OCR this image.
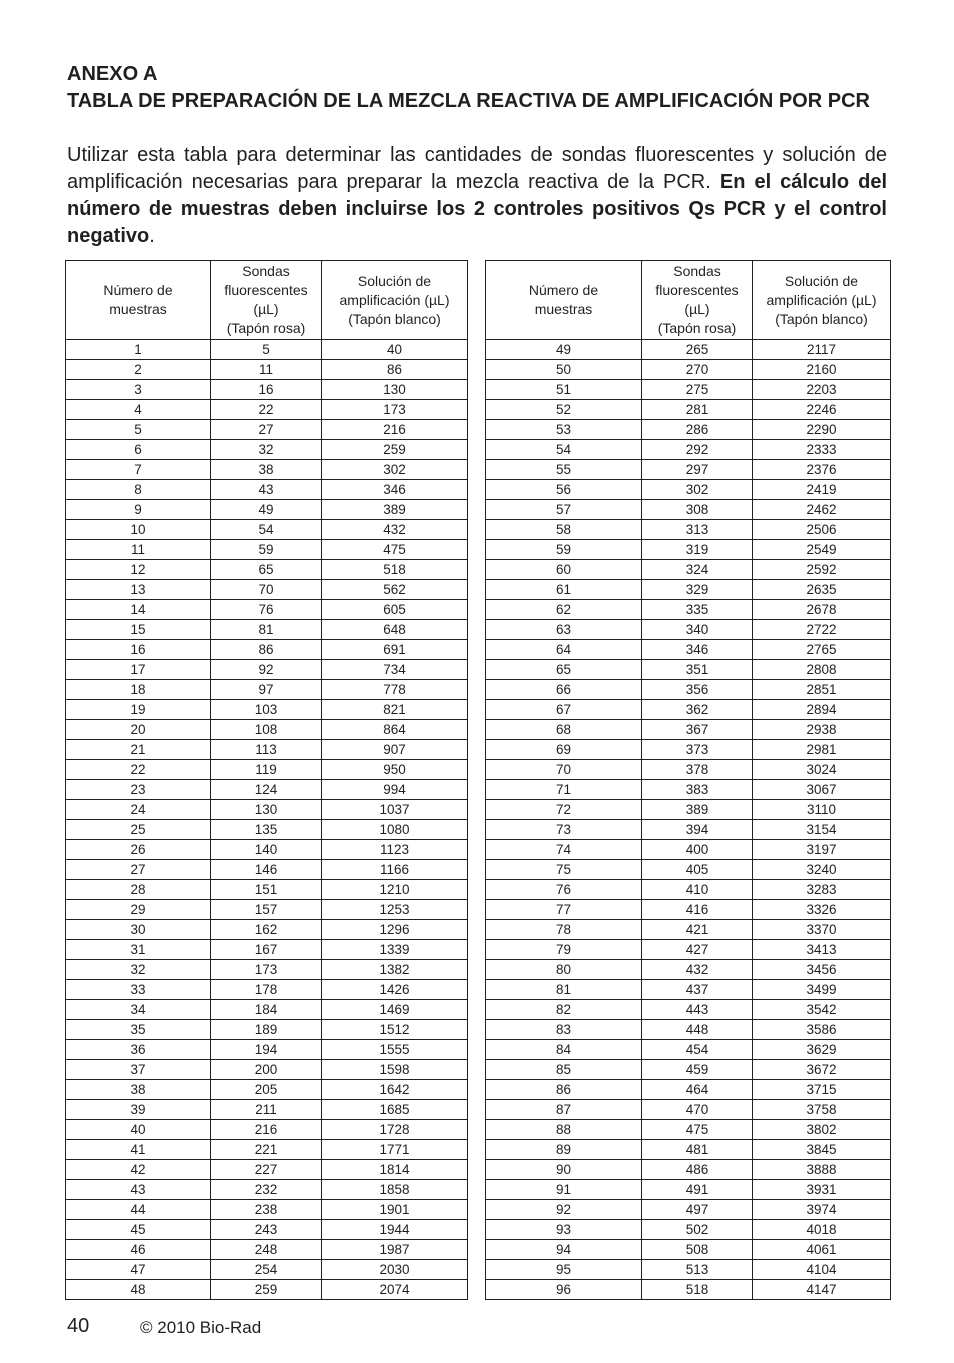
ANEXO A
TABLA DE PREPARACIÓN DE LA MEZCLA REACTIVA DE AMPLIFICACIÓN POR PCR

Utilizar esta tabla para determinar las cantidades de sondas fluorescentes y solución de amplificación necesarias para preparar la mezcla reactiva de la PCR. En el cálculo del número de muestras deben incluirse los 2 controles positivos Qs PCR y el control negativo.

Número de
muestras	Sondas
fluorescentes
(µL)
(Tapón rosa)	Solución de
amplificación (µL)
(Tapón blanco)
1	5	40
2	11	86
3	16	130
4	22	173
5	27	216
6	32	259
7	38	302
8	43	346
9	49	389
10	54	432
11	59	475
12	65	518
13	70	562
14	76	605
15	81	648
16	86	691
17	92	734
18	97	778
19	103	821
20	108	864
21	113	907
22	119	950
23	124	994
24	130	1037
25	135	1080
26	140	1123
27	146	1166
28	151	1210
29	157	1253
30	162	1296
31	167	1339
32	173	1382
33	178	1426
34	184	1469
35	189	1512
36	194	1555
37	200	1598
38	205	1642
39	211	1685
40	216	1728
41	221	1771
42	227	1814
43	232	1858
44	238	1901
45	243	1944
46	248	1987
47	254	2030
48	259	2074
Número de
muestras	Sondas
fluorescentes
(µL)
(Tapón rosa)	Solución de
amplificación (µL)
(Tapón blanco)
49	265	2117
50	270	2160
51	275	2203
52	281	2246
53	286	2290
54	292	2333
55	297	2376
56	302	2419
57	308	2462
58	313	2506
59	319	2549
60	324	2592
61	329	2635
62	335	2678
63	340	2722
64	346	2765
65	351	2808
66	356	2851
67	362	2894
68	367	2938
69	373	2981
70	378	3024
71	383	3067
72	389	3110
73	394	3154
74	400	3197
75	405	3240
76	410	3283
77	416	3326
78	421	3370
79	427	3413
80	432	3456
81	437	3499
82	443	3542
83	448	3586
84	454	3629
85	459	3672
86	464	3715
87	470	3758
88	475	3802
89	481	3845
90	486	3888
91	491	3931
92	497	3974
93	502	4018
94	508	4061
95	513	4104
96	518	4147
40	© 2010 Bio-Rad
